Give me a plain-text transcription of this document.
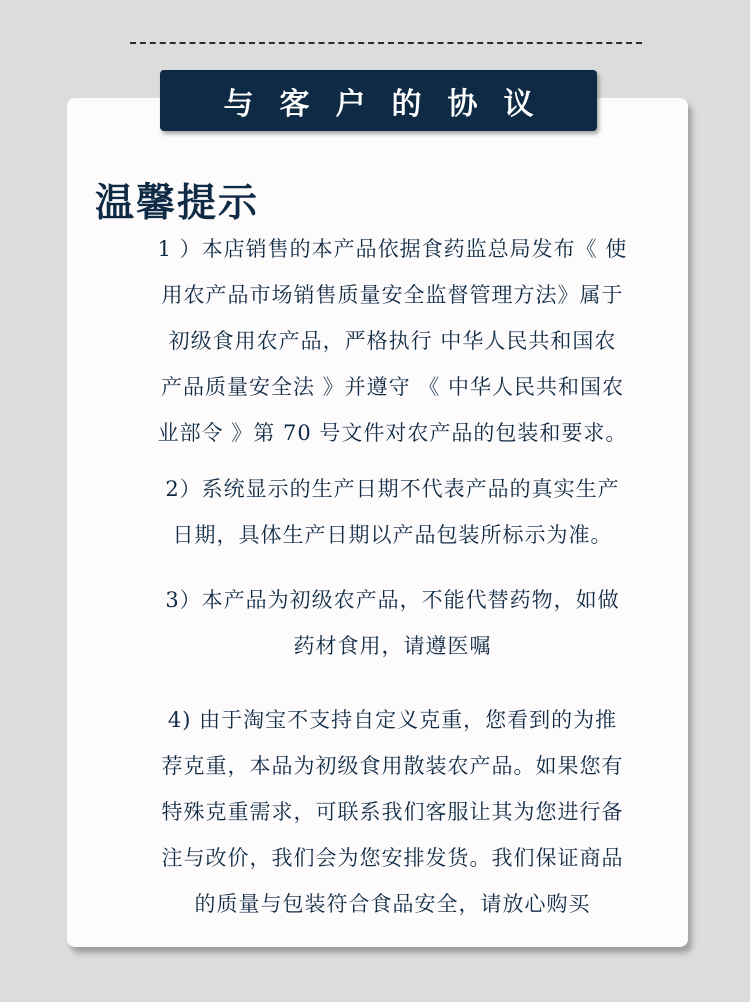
与客户的协议
温馨提示

1 ）本店销售的本产品依据食药监总局发布《 使
用农产品市场销售质量安全监督管理方法》属于
初级食用农产品，严格执行 中华人民共和国农
产品质量安全法 》并遵守 《 中华人民共和国农
业部令 》第 70 号文件对农产品的包装和要求。

2）系统显示的生产日期不代表产品的真实生产
日期，具体生产日期以产品包装所标示为准。

3）本产品为初级农产品，不能代替药物，如做
药材食用，请遵医嘱

4) 由于淘宝不支持自定义克重，您看到的为推
荐克重，本品为初级食用散装农产品。如果您有
特殊克重需求，可联系我们客服让其为您进行备
注与改价，我们会为您安排发货。我们保证商品
的质量与包装符合食品安全，请放心购买
